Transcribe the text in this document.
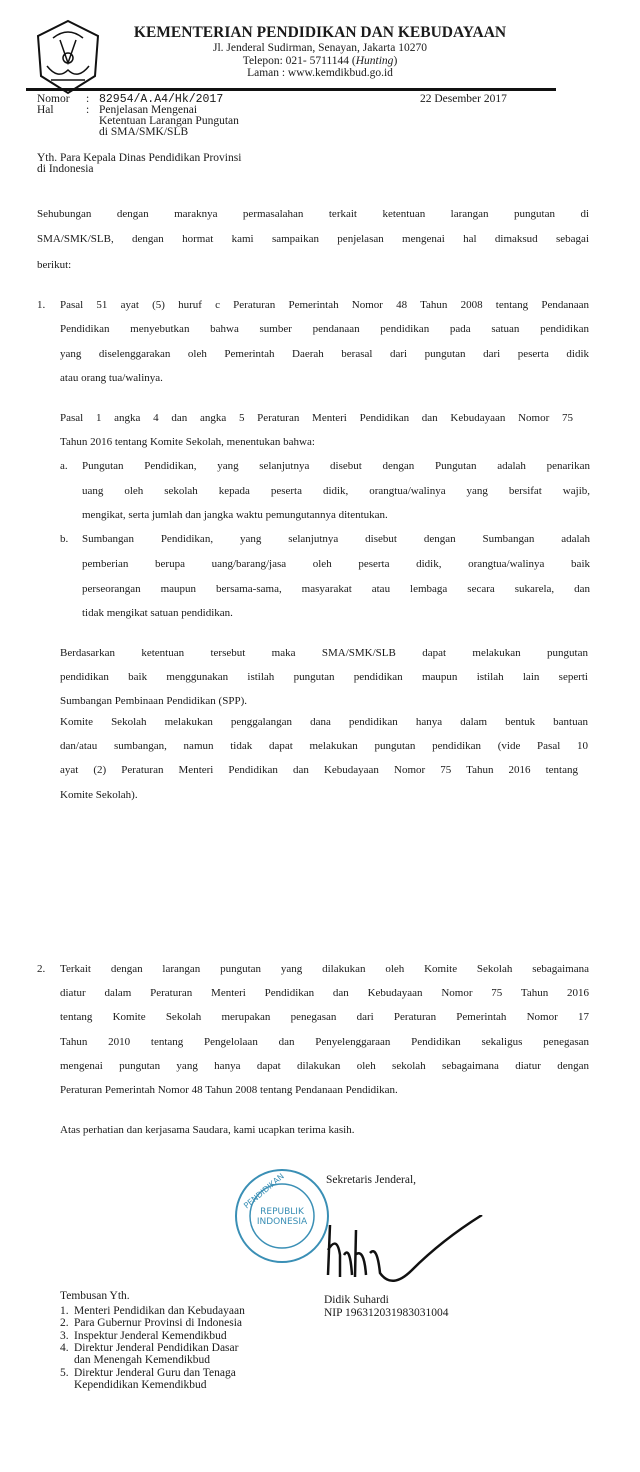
KEMENTERIAN PENDIDIKAN DAN KEBUDAYAAN
Jl. Jenderal Sudirman, Senayan, Jakarta 10270
Telepon: 021- 5711144 (Hunting)
Laman : www.kemdikbud.go.id
Nomor : 82954/A.A4/Hk/2017	22 Desember 2017
Hal	: Penjelasan Mengenai
Ketentuan Larangan Pungutan
di SMA/SMK/SLB
Yth. Para Kepala Dinas Pendidikan Provinsi
di Indonesia
Sehubungan dengan maraknya permasalahan terkait ketentuan larangan pungutan di
SMA/SMK/SLB, dengan hormat kami sampaikan penjelasan mengenai hal dimaksud sebagai
berikut:
1. Pasal 51 ayat (5) huruf c Peraturan Pemerintah Nomor 48 Tahun 2008 tentang Pendanaan
Pendidikan menyebutkan bahwa sumber pendanaan pendidikan pada satuan pendidikan
yang diselenggarakan oleh Pemerintah Daerah berasal dari pungutan dari peserta didik
atau orang tua/walinya.
Pasal 1 angka 4 dan angka 5 Peraturan Menteri Pendidikan dan Kebudayaan Nomor 75
Tahun 2016 tentang Komite Sekolah, menentukan bahwa:
a. Pungutan Pendidikan, yang selanjutnya disebut dengan Pungutan adalah penarikan
uang oleh sekolah kepada peserta didik, orangtua/walinya yang bersifat wajib,
mengikat, serta jumlah dan jangka waktu pemungutannya ditentukan.
b. Sumbangan Pendidikan, yang selanjutnya disebut dengan Sumbangan adalah
pemberian berupa uang/barang/jasa oleh peserta didik, orangtua/walinya baik
perseorangan maupun bersama-sama, masyarakat atau lembaga secara sukarela, dan
tidak mengikat satuan pendidikan.
Berdasarkan ketentuan tersebut maka SMA/SMK/SLB dapat melakukan pungutan
pendidikan baik menggunakan istilah pungutan pendidikan maupun istilah lain seperti
Sumbangan Pembinaan Pendidikan (SPP).
Komite Sekolah melakukan penggalangan dana pendidikan hanya dalam bentuk bantuan
dan/atau sumbangan, namun tidak dapat melakukan pungutan pendidikan (vide Pasal 10
ayat (2) Peraturan Menteri Pendidikan dan Kebudayaan Nomor 75 Tahun 2016 tentang
Komite Sekolah).
2. Terkait dengan larangan pungutan yang dilakukan oleh Komite Sekolah sebagaimana
diatur dalam Peraturan Menteri Pendidikan dan Kebudayaan Nomor 75 Tahun 2016
tentang Komite Sekolah merupakan penegasan dari Peraturan Pemerintah Nomor 17
Tahun 2010 tentang Pengelolaan dan Penyelenggaraan Pendidikan sekaligus penegasan
mengenai pungutan yang hanya dapat dilakukan oleh sekolah sebagaimana diatur dengan
Peraturan Pemerintah Nomor 48 Tahun 2008 tentang Pendanaan Pendidikan.
Atas perhatian dan kerjasama Saudara, kami ucapkan terima kasih.
REPUBLIK
INDONESIA
PENDIDIKAN	Sekretaris Jenderal,
Didik Suhardi
NIP 196312031983031004
Tembusan Yth.
1. Menteri Pendidikan dan Kebudayaan
2. Para Gubernur Provinsi di Indonesia
3. Inspektur Jenderal Kemendikbud
4. Direktur Jenderal Pendidikan Dasar
dan Menengah Kemendikbud
5. Direktur Jenderal Guru dan Tenaga
Kependidikan Kemendikbud
